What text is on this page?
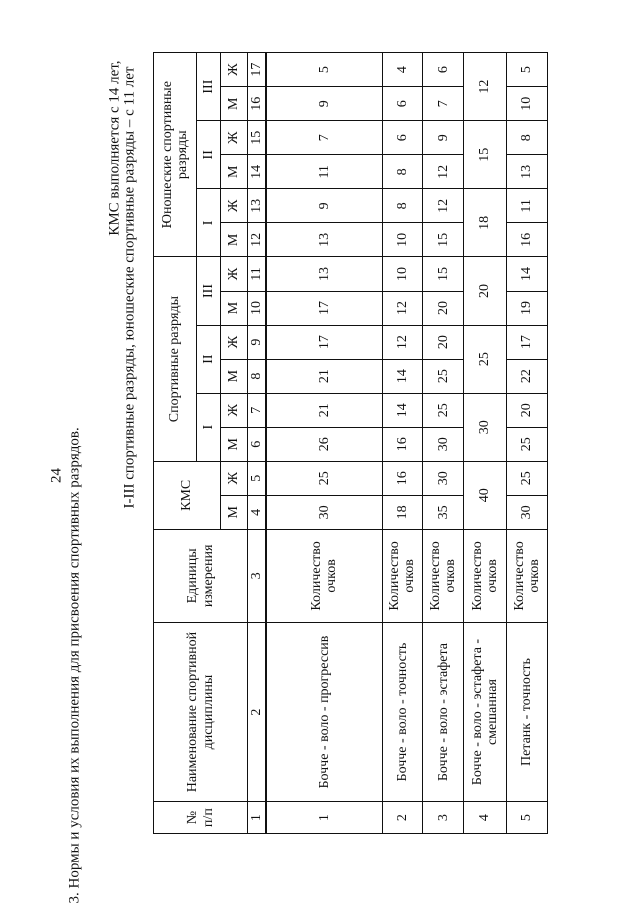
24 3. Нормы и условия их выполнения для присвоения спортивных разрядов.
КМС выполняется с 14 лет, I-III спортивные разряды, юношеские спортивные разряды – с 11 лет
№ п/п	Наименование спортивной дисциплины	Единицы измерения	КМС		Спортивные разряды						Юношеские спортивные разряды					
					I		II		III		I		II		III	
			М	Ж	М	Ж	М	Ж	М	Ж	М	Ж	М	Ж	М	Ж
1	2	3	4	5	6	7	8	9	10	11	12	13	14	15	16	17
1	Бочче - воло - прогрессив	Количество очков	30	25	26	21	21	17	17	13	13	9	11	7	9	5
2	Бочче - воло - точность	Количество очков	18	16	16	14	14	12	12	10	10	8	8	6	6	4
3	Бочче - воло - эстафета	Количество очков	35	30	30	25	25	20	20	15	15	12	12	9	7	6
4	Бочче - воло - эстафета - смешанная	Количество очков	40		30		25		20		18		15		12	
5	Петанк - точность	Количество очков	30	25	25	20	22	17	19	14	16	11	13	8	10	5
